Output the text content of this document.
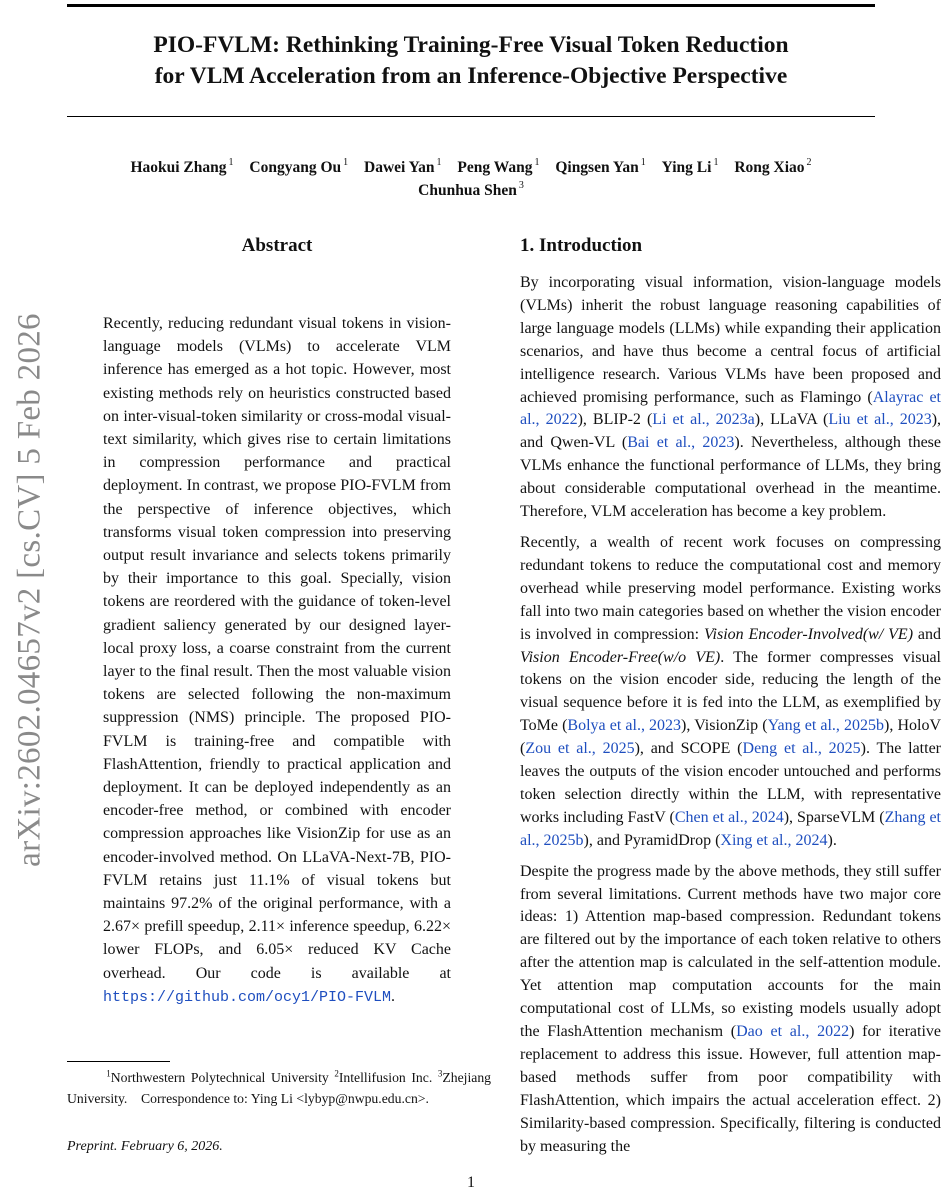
PIO-FVLM: Rethinking Training-Free Visual Token Reduction
for VLM Acceleration from an Inference-Objective Perspective
Haokui Zhang $^1$ Congyang Ou $^1$ Dawei Yan $^1$ Peng Wang $^1$ Qingsen Yan $^1$ Ying Li $^1$ Rong Xiao $^2$
Chunhua Shen $^3$
arXiv:2602.04657v2 [cs.CV] 5 Feb 2026
Abstract
Recently, reducing redundant visual tokens in vision-language models (VLMs) to accelerate VLM inference has emerged as a hot topic. However, most existing methods rely on heuristics constructed based on inter-visual-token similarity or cross-modal visual-text similarity, which gives rise to certain limitations in compression performance and practical deployment. In contrast, we propose PIO-FVLM from the perspective of inference objectives, which transforms visual token compression into preserving output result invariance and selects tokens primarily by their importance to this goal. Specially, vision tokens are reordered with the guidance of token-level gradient saliency generated by our designed layer-local proxy loss, a coarse constraint from the current layer to the final result. Then the most valuable vision tokens are selected following the non-maximum suppression (NMS) principle. The proposed PIO-FVLM is training-free and compatible with FlashAttention, friendly to practical application and deployment. It can be deployed independently as an encoder-free method, or combined with encoder compression approaches like VisionZip for use as an encoder-involved method. On LLaVA-Next-7B, PIO-FVLM retains just 11.1% of visual tokens but maintains 97.2% of the original performance, with a 2.67× prefill speedup, 2.11× inference speedup, 6.22× lower FLOPs, and 6.05× reduced KV Cache overhead. Our code is available at https://github.com/ocy1/PIO-FVLM.
$^1$Northwestern Polytechnical University $^2$Intellifusion Inc. $^3$Zhejiang University. Correspondence to: Ying Li <lybyp@nwpu.edu.cn>.
Preprint. February 6, 2026.
1. Introduction

By incorporating visual information, vision-language models (VLMs) inherit the robust language reasoning capabilities of large language models (LLMs) while expanding their application scenarios, and have thus become a central focus of artificial intelligence research. Various VLMs have been proposed and achieved promising performance, such as Flamingo (Alayrac et al., 2022), BLIP-2 (Li et al., 2023a), LLaVA (Liu et al., 2023), and Qwen-VL (Bai et al., 2023). Nevertheless, although these VLMs enhance the functional performance of LLMs, they bring about considerable computational overhead in the meantime. Therefore, VLM acceleration has become a key problem.

Recently, a wealth of recent work focuses on compressing redundant tokens to reduce the computational cost and memory overhead while preserving model performance. Existing works fall into two main categories based on whether the vision encoder is involved in compression: Vision Encoder-Involved(w/ VE) and Vision Encoder-Free(w/o VE). The former compresses visual tokens on the vision encoder side, reducing the length of the visual sequence before it is fed into the LLM, as exemplified by ToMe (Bolya et al., 2023), VisionZip (Yang et al., 2025b), HoloV (Zou et al., 2025), and SCOPE (Deng et al., 2025). The latter leaves the outputs of the vision encoder untouched and performs token selection directly within the LLM, with representative works including FastV (Chen et al., 2024), SparseVLM (Zhang et al., 2025b), and PyramidDrop (Xing et al., 2024).

Despite the progress made by the above methods, they still suffer from several limitations. Current methods have two major core ideas: 1) Attention map-based compression. Redundant tokens are filtered out by the importance of each token relative to others after the attention map is calculated in the self-attention module. Yet attention map computation accounts for the main computational cost of LLMs, so existing models usually adopt the FlashAttention mechanism (Dao et al., 2022) for iterative replacement to address this issue. However, full attention map-based methods suffer from poor compatibility with FlashAttention, which impairs the actual acceleration effect. 2) Similarity-based compression. Specifically, filtering is conducted by measuring the

1
